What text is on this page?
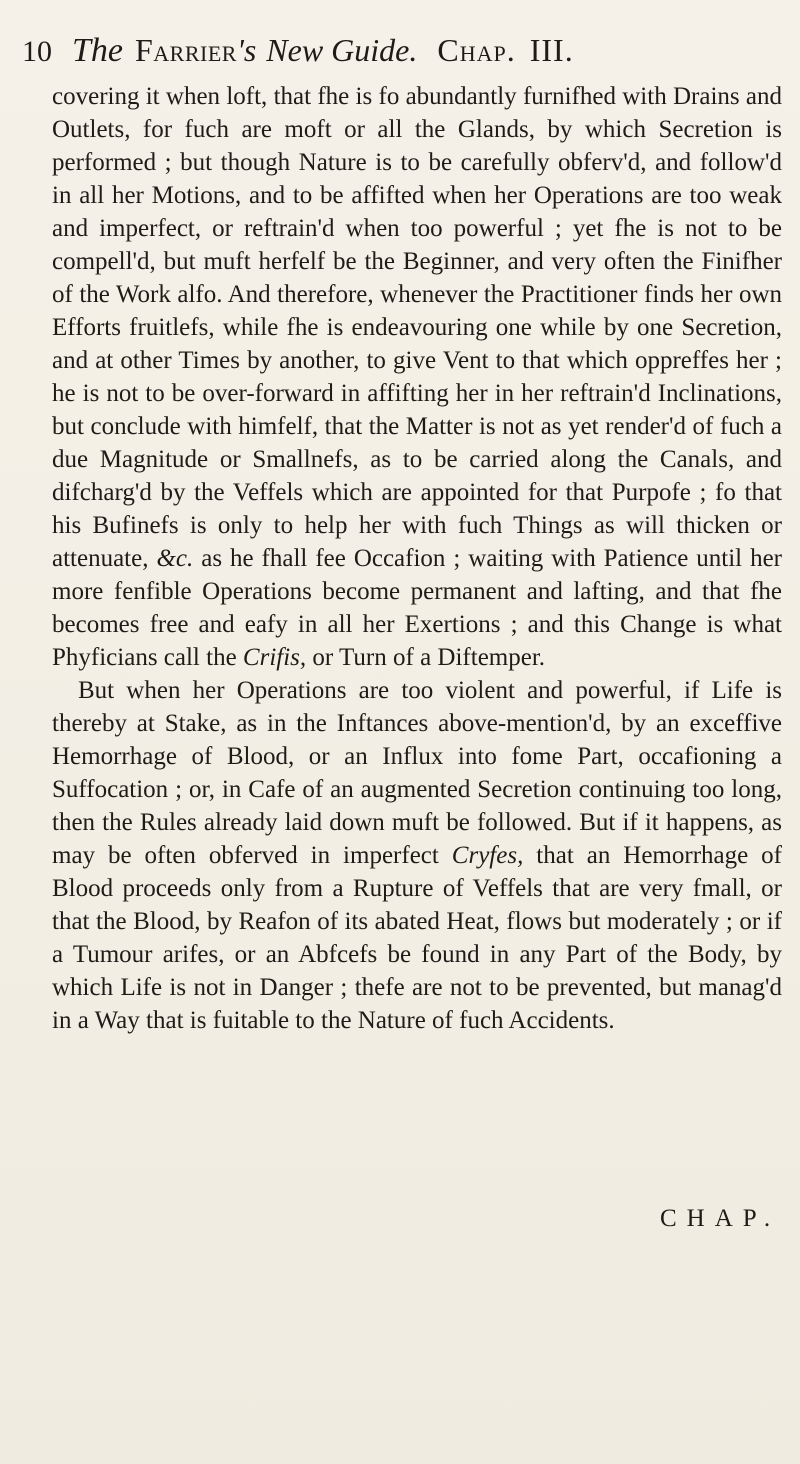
10 The Farrier's New Guide. Chap. III.

covering it when loft, that fhe is fo abundantly furnifhed with Drains and Outlets, for fuch are moft or all the Glands, by which Secretion is performed ; but though Nature is to be carefully obferv'd, and follow'd in all her Motions, and to be affifted when her Operations are too weak and imperfect, or reftrain'd when too powerful ; yet fhe is not to be compell'd, but muft herfelf be the Beginner, and very often the Finifher of the Work alfo. And therefore, whenever the Practitioner finds her own Efforts fruitlefs, while fhe is endeavouring one while by one Secretion, and at other Times by another, to give Vent to that which oppreffes her ; he is not to be over-forward in affifting her in her reftrain'd Inclinations, but conclude with himfelf, that the Matter is not as yet render'd of fuch a due Magnitude or Smallnefs, as to be carried along the Canals, and difcharg'd by the Veffels which are appointed for that Purpofe ; fo that his Bufinefs is only to help her with fuch Things as will thicken or attenuate, &c. as he fhall fee Occafion ; waiting with Patience until her more fenfible Operations become permanent and lafting, and that fhe becomes free and eafy in all her Exertions ; and this Change is what Phyficians call the Crifis, or Turn of a Diftemper.

But when her Operations are too violent and powerful, if Life is thereby at Stake, as in the Inftances above-mention'd, by an exceffive Hemorrhage of Blood, or an Influx into fome Part, occafioning a Suffocation ; or, in Cafe of an augmented Secretion continuing too long, then the Rules already laid down muft be followed. But if it happens, as may be often obferved in imperfect Cryfes, that an Hemorrhage of Blood proceeds only from a Rupture of Veffels that are very fmall, or that the Blood, by Reafon of its abated Heat, flows but moderately ; or if a Tumour arifes, or an Abfcefs be found in any Part of the Body, by which Life is not in Danger ; thefe are not to be prevented, but manag'd in a Way that is fuitable to the Nature of fuch Accidents.

CHAP.
